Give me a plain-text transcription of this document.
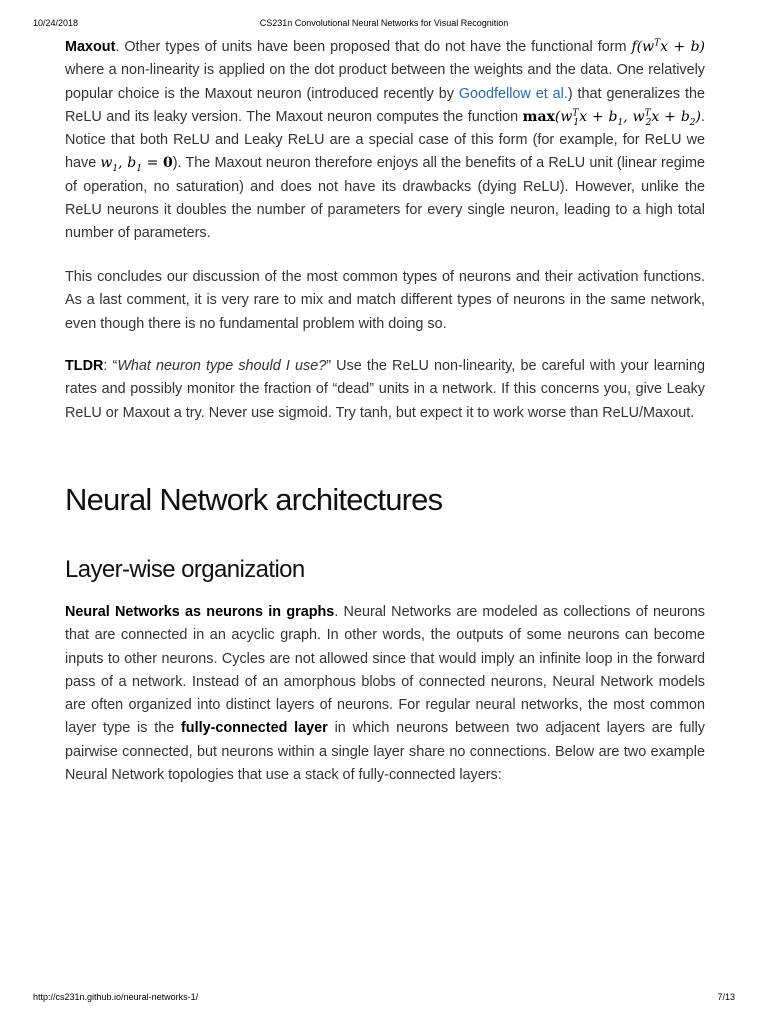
10/24/2018	CS231n Convolutional Neural Networks for Visual Recognition

Maxout. Other types of units have been proposed that do not have the functional form $f(w^Tx + b)$ where a non-linearity is applied on the dot product between the weights and the data. One relatively popular choice is the Maxout neuron (introduced recently by Goodfellow et al.) that generalizes the ReLU and its leaky version. The Maxout neuron computes the function $\max(w^T_1x + b_1$, $w^T_2x + b_2$). Notice that both ReLU and Leaky ReLU are a special case of this form (for example, for ReLU we have $w_1$, $b_1 = 0$). The Maxout neuron therefore enjoys all the benefits of a ReLU unit (linear regime of operation, no saturation) and does not have its drawbacks (dying ReLU). However, unlike the ReLU neurons it doubles the number of parameters for every single neuron, leading to a high total number of parameters.

This concludes our discussion of the most common types of neurons and their activation functions. As a last comment, it is very rare to mix and match different types of neurons in the same network, even though there is no fundamental problem with doing so.

TLDR: “What neuron type should I use?” Use the ReLU non-linearity, be careful with your learning rates and possibly monitor the fraction of “dead” units in a network. If this concerns you, give Leaky ReLU or Maxout a try. Never use sigmoid. Try tanh, but expect it to work worse than ReLU/Maxout.

Neural Network architectures
Layer-wise organization

Neural Networks as neurons in graphs. Neural Networks are modeled as collections of neurons that are connected in an acyclic graph. In other words, the outputs of some neurons can become inputs to other neurons. Cycles are not allowed since that would imply an infinite loop in the forward pass of a network. Instead of an amorphous blobs of connected neurons, Neural Network models are often organized into distinct layers of neurons. For regular neural networks, the most common layer type is the fully-connected layer in which neurons between two adjacent layers are fully pairwise connected, but neurons within a single layer share no connections. Below are two example Neural Network topologies that use a stack of fully-connected layers:

http://cs231n.github.io/neural-networks-1/	7/13
